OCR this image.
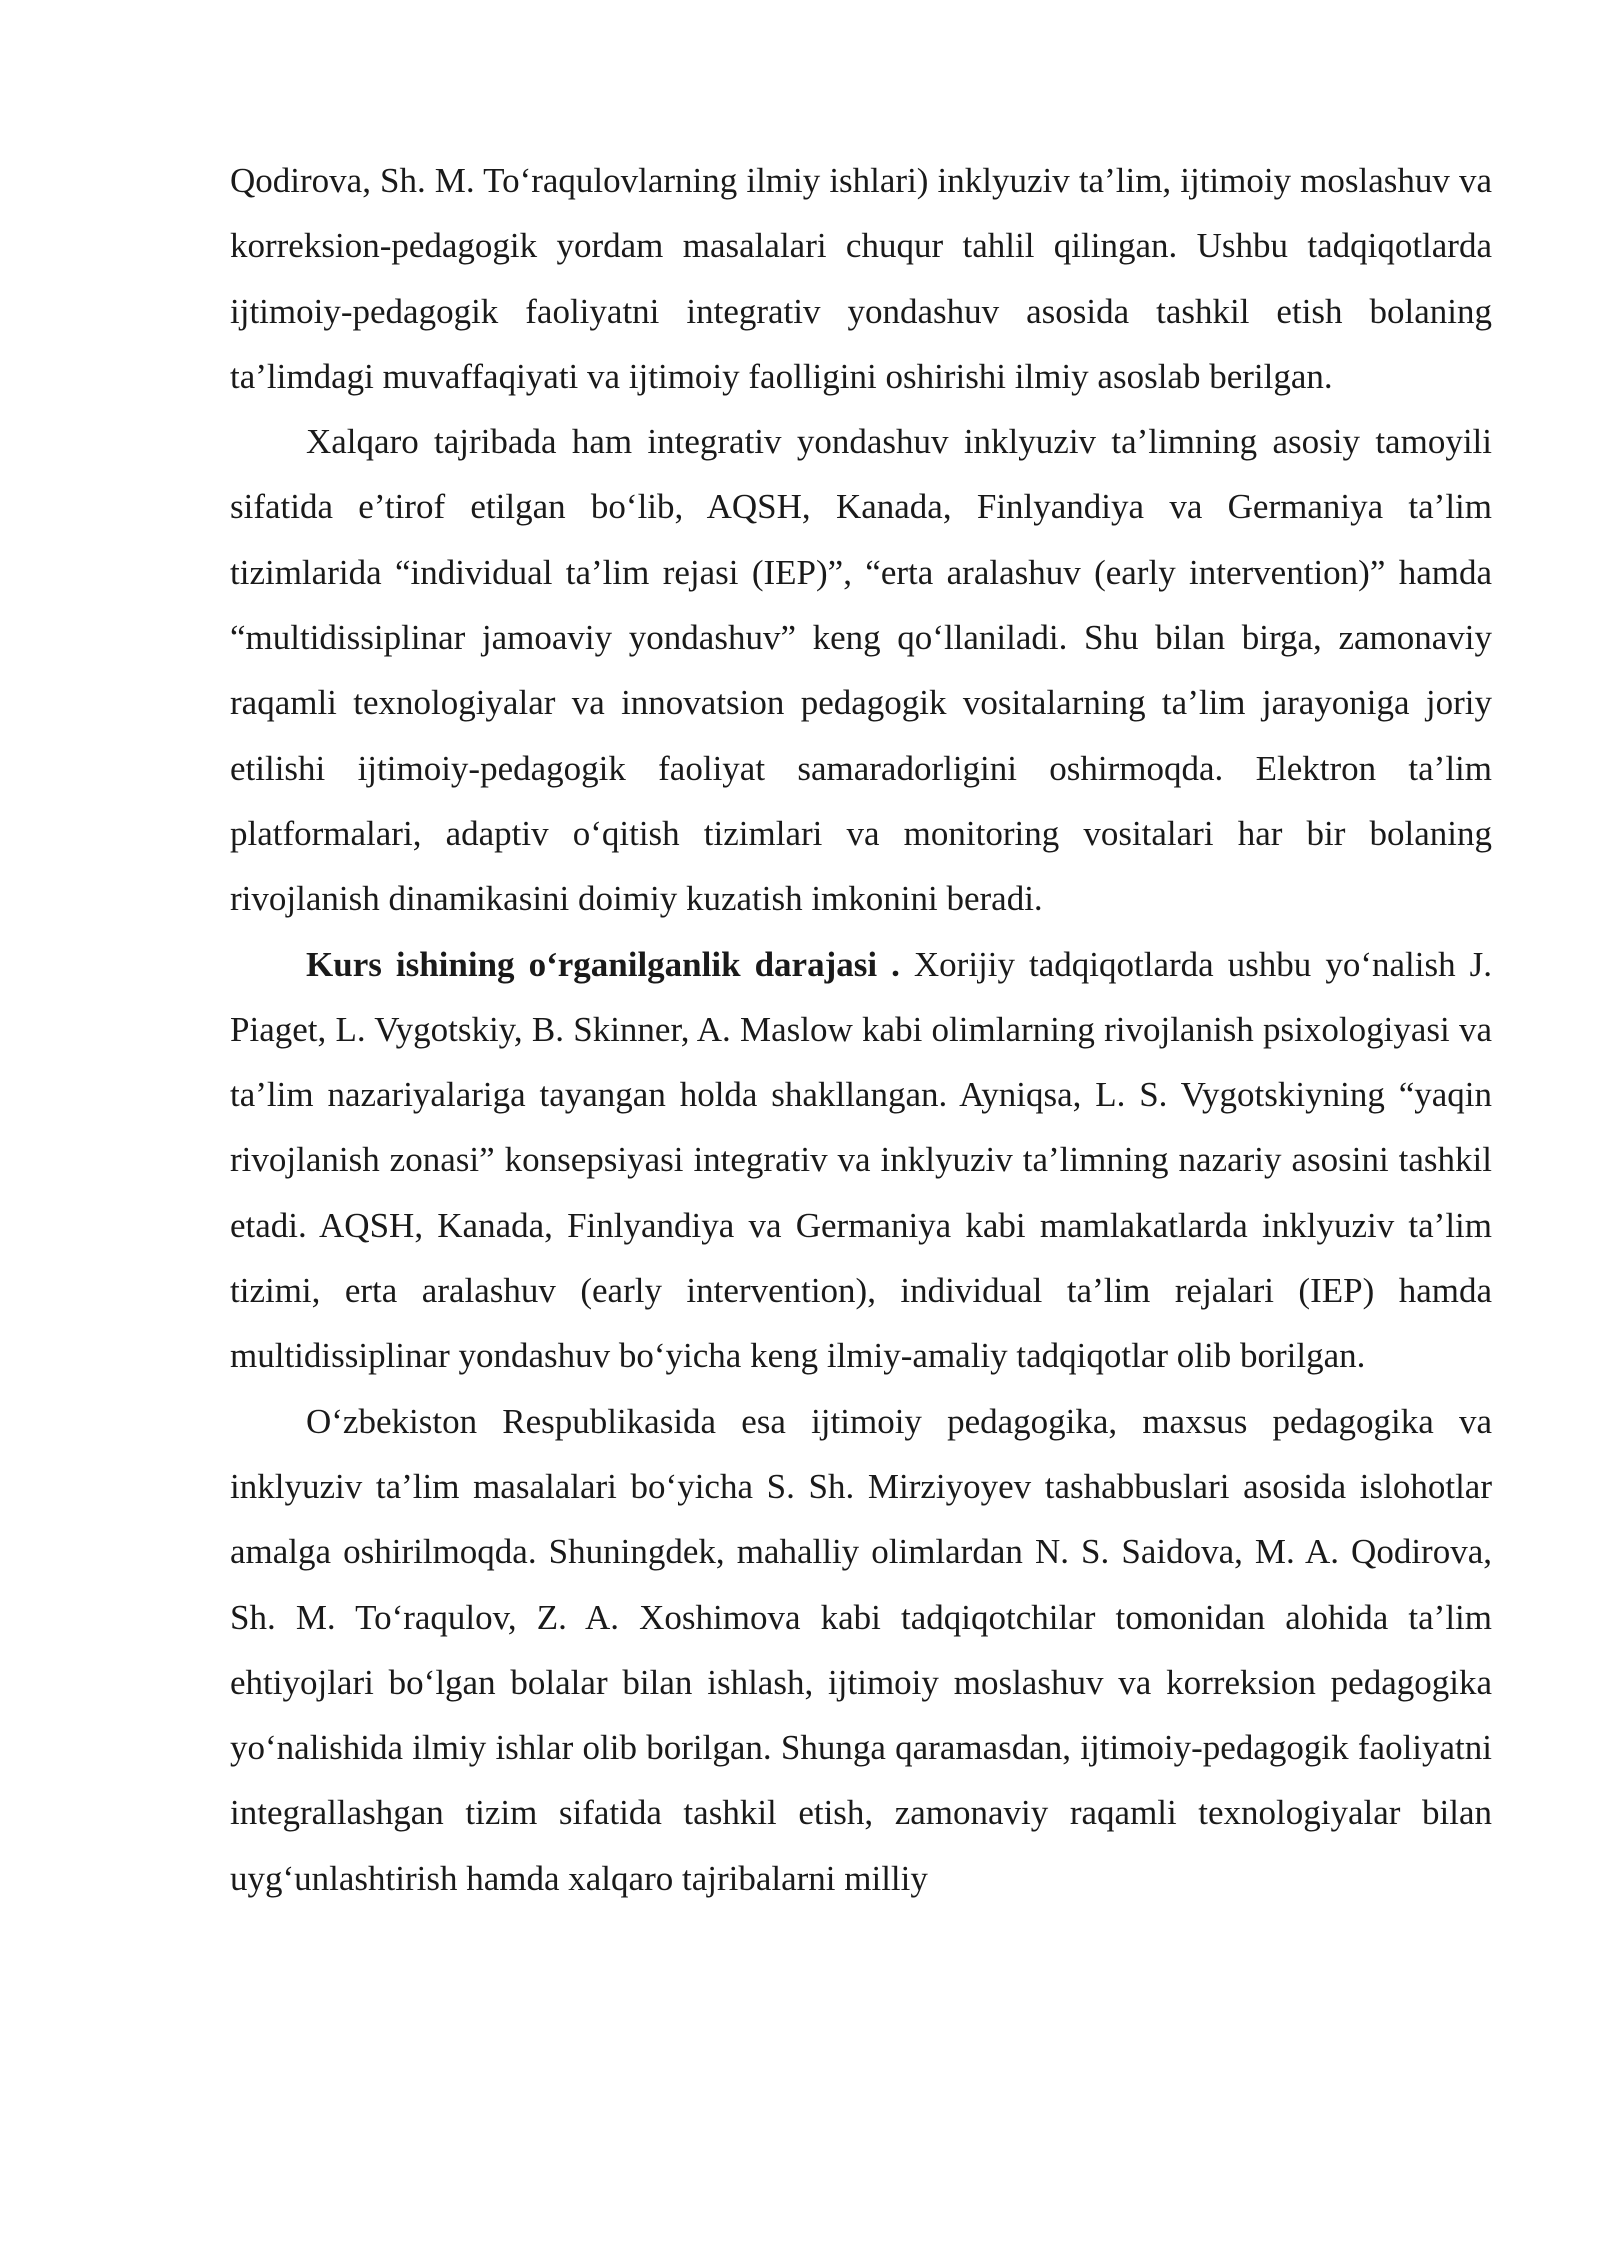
Qodirova, Sh. M. To‘raqulovlarning ilmiy ishlari) inklyuziv ta’lim, ijtimoiy moslashuv va korreksion-pedagogik yordam masalalari chuqur tahlil qilingan. Ushbu tadqiqotlarda ijtimoiy-pedagogik faoliyatni integrativ yondashuv asosida tashkil etish bolaning ta’limdagi muvaffaqiyati va ijtimoiy faolligini oshirishi ilmiy asoslab berilgan.

Xalqaro tajribada ham integrativ yondashuv inklyuziv ta’limning asosiy tamoyili sifatida e’tirof etilgan bo‘lib, AQSH, Kanada, Finlyandiya va Germaniya ta’lim tizimlarida “individual ta’lim rejasi (IEP)”, “erta aralashuv (early intervention)” hamda “multidissiplinar jamoaviy yondashuv” keng qo‘llaniladi. Shu bilan birga, zamonaviy raqamli texnologiyalar va innovatsion pedagogik vositalarning ta’lim jarayoniga joriy etilishi ijtimoiy-pedagogik faoliyat samaradorligini oshirmoqda. Elektron ta’lim platformalari, adaptiv o‘qitish tizimlari va monitoring vositalari har bir bolaning rivojlanish dinamikasini doimiy kuzatish imkonini beradi.

Kurs ishining o‘rganilganlik darajasi . Xorijiy tadqiqotlarda ushbu yo‘nalish J. Piaget, L. Vygotskiy, B. Skinner, A. Maslow kabi olimlarning rivojlanish psixologiyasi va ta’lim nazariyalariga tayangan holda shakllangan. Ayniqsa, L. S. Vygotskiyning “yaqin rivojlanish zonasi” konsepsiyasi integrativ va inklyuziv ta’limning nazariy asosini tashkil etadi. AQSH, Kanada, Finlyandiya va Germaniya kabi mamlakatlarda inklyuziv ta’lim tizimi, erta aralashuv (early intervention), individual ta’lim rejalari (IEP) hamda multidissiplinar yondashuv bo‘yicha keng ilmiy-amaliy tadqiqotlar olib borilgan.

O‘zbekiston Respublikasida esa ijtimoiy pedagogika, maxsus pedagogika va inklyuziv ta’lim masalalari bo‘yicha S. Sh. Mirziyoyev tashabbuslari asosida islohotlar amalga oshirilmoqda. Shuningdek, mahalliy olimlardan N. S. Saidova, M. A. Qodirova, Sh. M. To‘raqulov, Z. A. Xoshimova kabi tadqiqotchilar tomonidan alohida ta’lim ehtiyojlari bo‘lgan bolalar bilan ishlash, ijtimoiy moslashuv va korreksion pedagogika yo‘nalishida ilmiy ishlar olib borilgan. Shunga qaramasdan, ijtimoiy-pedagogik faoliyatni integrallashgan tizim sifatida tashkil etish, zamonaviy raqamli texnologiyalar bilan uyg‘unlashtirish hamda xalqaro tajribalarni milliy
